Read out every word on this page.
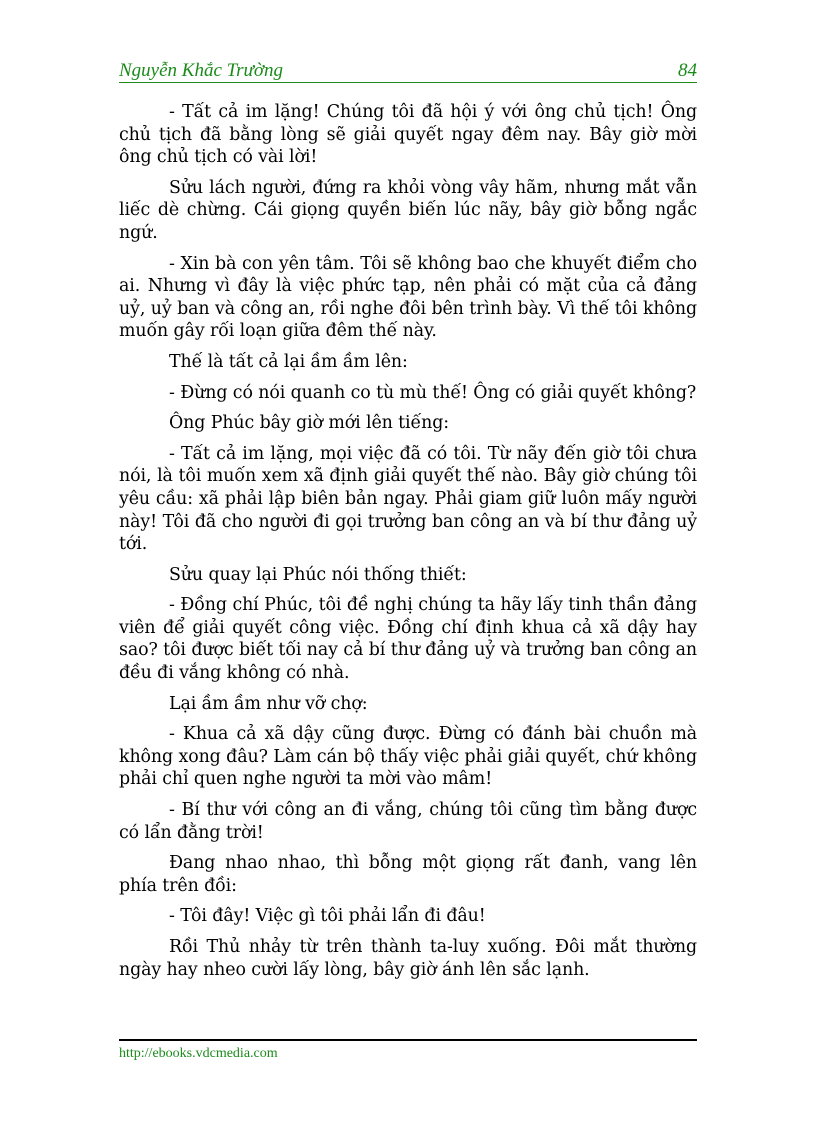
Nguyễn Khắc Trường	84

- Tất cả im lặng! Chúng tôi đã hội ý với ông chủ tịch! Ông chủ tịch đã bằng lòng sẽ giải quyết ngay đêm nay. Bây giờ mời ông chủ tịch có vài lời!

Sửu lách người, đứng ra khỏi vòng vây hãm, nhưng mắt vẫn liếc dè chừng. Cái giọng quyền biến lúc nãy, bây giờ bỗng ngắc ngứ.

- Xin bà con yên tâm. Tôi sẽ không bao che khuyết điểm cho ai. Nhưng vì đây là việc phức tạp, nên phải có mặt của cả đảng uỷ, uỷ ban và công an, rồi nghe đôi bên trình bày. Vì thế tôi không muốn gây rối loạn giữa đêm thế này.

Thế là tất cả lại ầm ầm lên:

- Đừng có nói quanh co tù mù thế! Ông có giải quyết không?

Ông Phúc bây giờ mới lên tiếng:

- Tất cả im lặng, mọi việc đã có tôi. Từ nãy đến giờ tôi chưa nói, là tôi muốn xem xã định giải quyết thế nào. Bây giờ chúng tôi yêu cầu: xã phải lập biên bản ngay. Phải giam giữ luôn mấy người này! Tôi đã cho người đi gọi trưởng ban công an và bí thư đảng uỷ tới.

Sửu quay lại Phúc nói thống thiết:

- Đồng chí Phúc, tôi đề nghị chúng ta hãy lấy tinh thần đảng viên để giải quyết công việc. Đồng chí định khua cả xã dậy hay sao? tôi được biết tối nay cả bí thư đảng uỷ và trưởng ban công an đều đi vắng không có nhà.

Lại ầm ầm như vỡ chợ:

- Khua cả xã dậy cũng được. Đừng có đánh bài chuồn mà không xong đâu? Làm cán bộ thấy việc phải giải quyết, chứ không phải chỉ quen nghe người ta mời vào mâm!

- Bí thư với công an đi vắng, chúng tôi cũng tìm bằng được có lẩn đằng trời!

Đang nhao nhao, thì bỗng một giọng rất đanh, vang lên phía trên đồi:

- Tôi đây! Việc gì tôi phải lẩn đi đâu!

Rồi Thủ nhảy từ trên thành ta-luy xuống. Đôi mắt thường ngày hay nheo cười lấy lòng, bây giờ ánh lên sắc lạnh.

http://ebooks.vdcmedia.com
